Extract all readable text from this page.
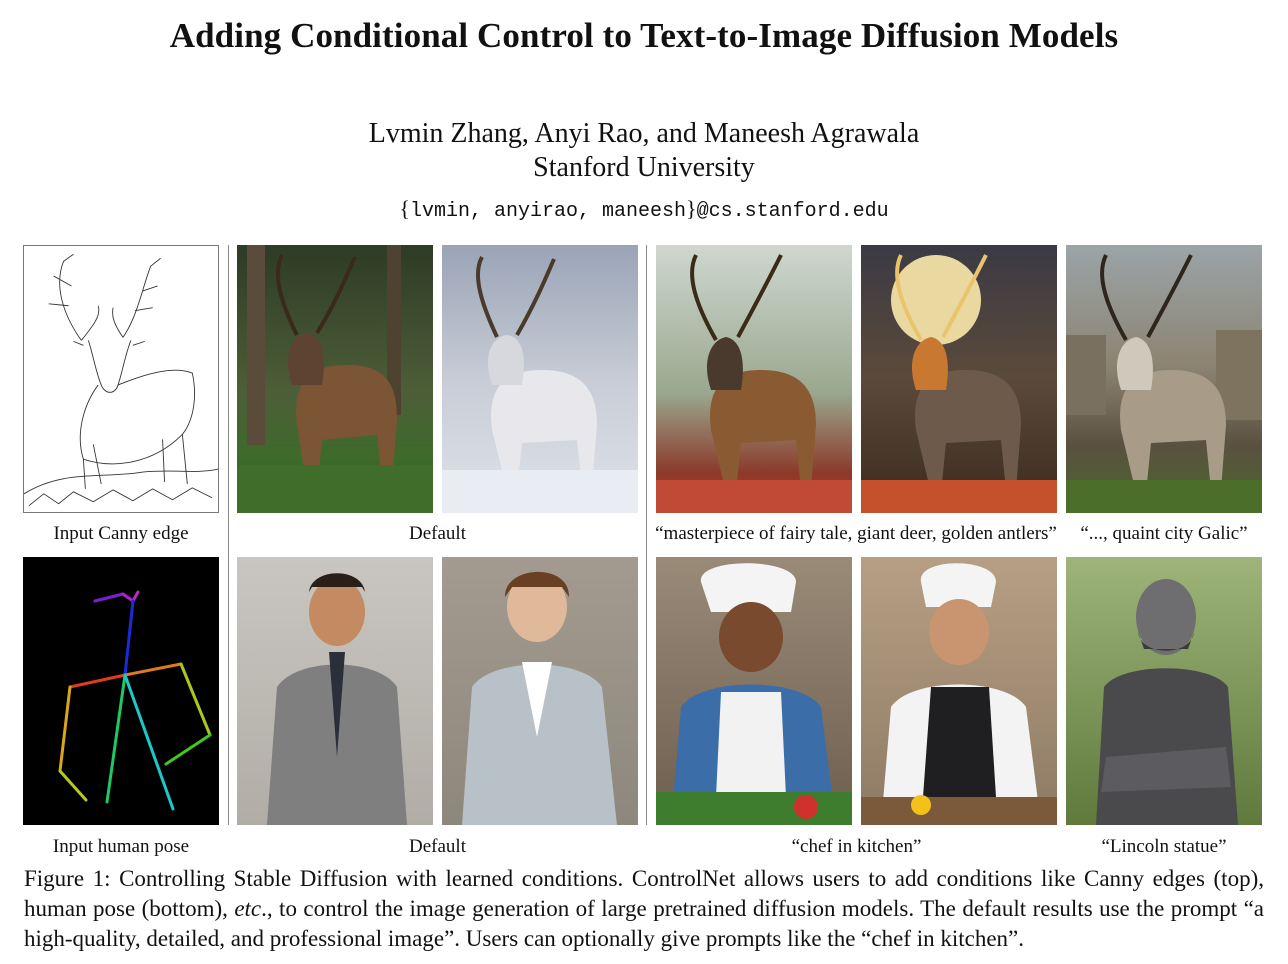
Adding Conditional Control to Text-to-Image Diffusion Models
Lvmin Zhang, Anyi Rao, and Maneesh Agrawala
Stanford University
{lvmin, anyirao, maneesh}@cs.stanford.edu
Input Canny edge	Default	“masterpiece of fairy tale, giant deer, golden antlers”	“..., quaint city Galic”
Input human pose	Default	“chef in kitchen”	“Lincoln statue”
Figure 1: Controlling Stable Diffusion with learned conditions. ControlNet allows users to add conditions like Canny edges (top), human pose (bottom), etc., to control the image generation of large pretrained diffusion models. The default results use the prompt “a high-quality, detailed, and professional image”. Users can optionally give prompts like the “chef in kitchen”.
